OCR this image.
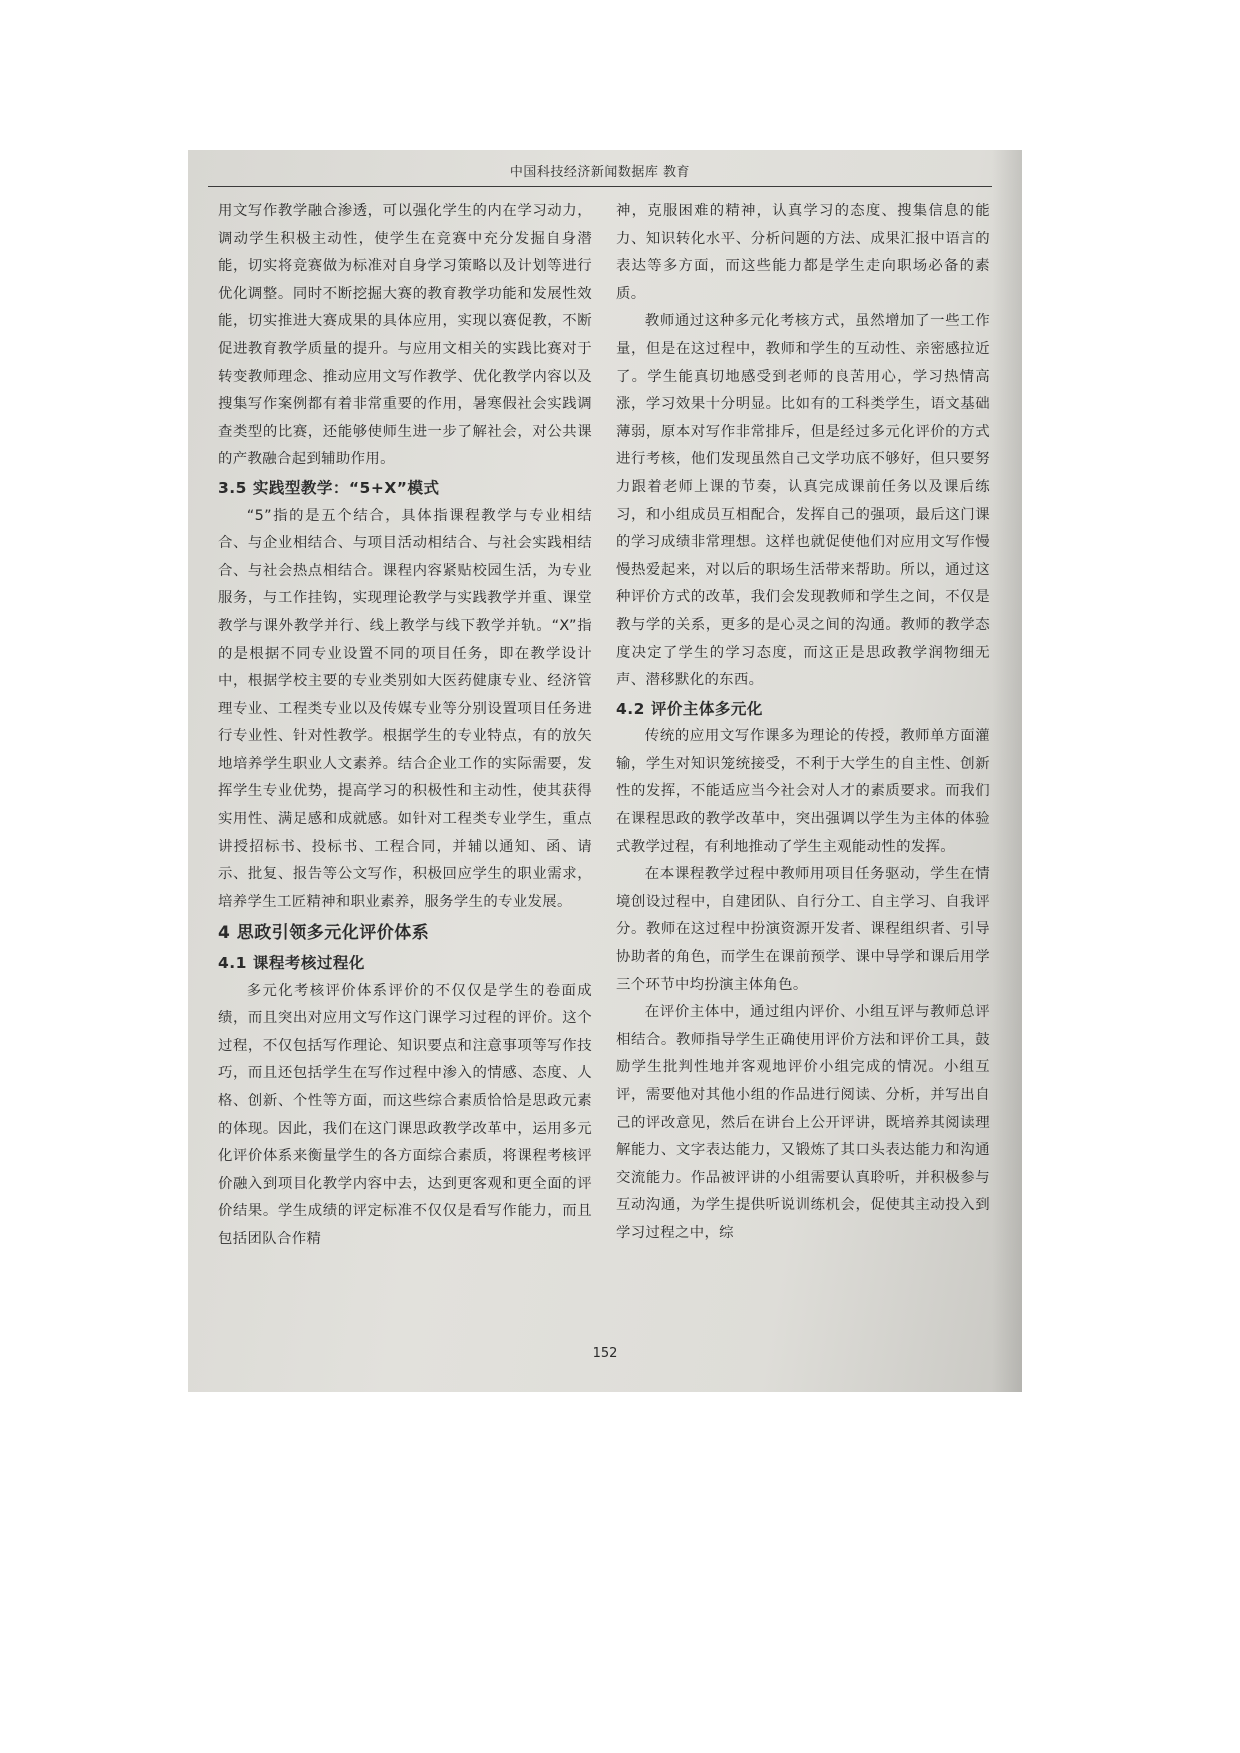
中国科技经济新闻数据库 教育

用文写作教学融合渗透，可以强化学生的内在学习动力，调动学生积极主动性，使学生在竞赛中充分发掘自身潜能，切实将竞赛做为标准对自身学习策略以及计划等进行优化调整。同时不断挖掘大赛的教育教学功能和发展性效能，切实推进大赛成果的具体应用，实现以赛促教，不断促进教育教学质量的提升。与应用文相关的实践比赛对于转变教师理念、推动应用文写作教学、优化教学内容以及搜集写作案例都有着非常重要的作用，暑寒假社会实践调查类型的比赛，还能够使师生进一步了解社会，对公共课的产教融合起到辅助作用。

3.5 实践型教学：“5+X”模式

“5”指的是五个结合，具体指课程教学与专业相结合、与企业相结合、与项目活动相结合、与社会实践相结合、与社会热点相结合。课程内容紧贴校园生活，为专业服务，与工作挂钩，实现理论教学与实践教学并重、课堂教学与课外教学并行、线上教学与线下教学并轨。“X”指的是根据不同专业设置不同的项目任务，即在教学设计中，根据学校主要的专业类别如大医药健康专业、经济管理专业、工程类专业以及传媒专业等分别设置项目任务进行专业性、针对性教学。根据学生的专业特点，有的放矢地培养学生职业人文素养。结合企业工作的实际需要，发挥学生专业优势，提高学习的积极性和主动性，使其获得实用性、满足感和成就感。如针对工程类专业学生，重点讲授招标书、投标书、工程合同，并辅以通知、函、请示、批复、报告等公文写作，积极回应学生的职业需求，培养学生工匠精神和职业素养，服务学生的专业发展。

4 思政引领多元化评价体系

4.1 课程考核过程化

多元化考核评价体系评价的不仅仅是学生的卷面成绩，而且突出对应用文写作这门课学习过程的评价。这个过程，不仅包括写作理论、知识要点和注意事项等写作技巧，而且还包括学生在写作过程中渗入的情感、态度、人格、创新、个性等方面，而这些综合素质恰恰是思政元素的体现。因此，我们在这门课思政教学改革中，运用多元化评价体系来衡量学生的各方面综合素质，将课程考核评价融入到项目化教学内容中去，达到更客观和更全面的评价结果。学生成绩的评定标准不仅仅是看写作能力，而且包括团队合作精

神，克服困难的精神，认真学习的态度、搜集信息的能力、知识转化水平、分析问题的方法、成果汇报中语言的表达等多方面，而这些能力都是学生走向职场必备的素质。

教师通过这种多元化考核方式，虽然增加了一些工作量，但是在这过程中，教师和学生的互动性、亲密感拉近了。学生能真切地感受到老师的良苦用心，学习热情高涨，学习效果十分明显。比如有的工科类学生，语文基础薄弱，原本对写作非常排斥，但是经过多元化评价的方式进行考核，他们发现虽然自己文学功底不够好，但只要努力跟着老师上课的节奏，认真完成课前任务以及课后练习，和小组成员互相配合，发挥自己的强项，最后这门课的学习成绩非常理想。这样也就促使他们对应用文写作慢慢热爱起来，对以后的职场生活带来帮助。所以，通过这种评价方式的改革，我们会发现教师和学生之间，不仅是教与学的关系，更多的是心灵之间的沟通。教师的教学态度决定了学生的学习态度，而这正是思政教学润物细无声、潜移默化的东西。

4.2 评价主体多元化

传统的应用文写作课多为理论的传授，教师单方面灌输，学生对知识笼统接受，不利于大学生的自主性、创新性的发挥，不能适应当今社会对人才的素质要求。而我们在课程思政的教学改革中，突出强调以学生为主体的体验式教学过程，有利地推动了学生主观能动性的发挥。

在本课程教学过程中教师用项目任务驱动，学生在情境创设过程中，自建团队、自行分工、自主学习、自我评分。教师在这过程中扮演资源开发者、课程组织者、引导协助者的角色，而学生在课前预学、课中导学和课后用学三个环节中均扮演主体角色。

在评价主体中，通过组内评价、小组互评与教师总评相结合。教师指导学生正确使用评价方法和评价工具，鼓励学生批判性地并客观地评价小组完成的情况。小组互评，需要他对其他小组的作品进行阅读、分析，并写出自己的评改意见，然后在讲台上公开评讲，既培养其阅读理解能力、文字表达能力，又锻炼了其口头表达能力和沟通交流能力。作品被评讲的小组需要认真聆听，并积极参与互动沟通，为学生提供听说训练机会，促使其主动投入到学习过程之中，综

152
